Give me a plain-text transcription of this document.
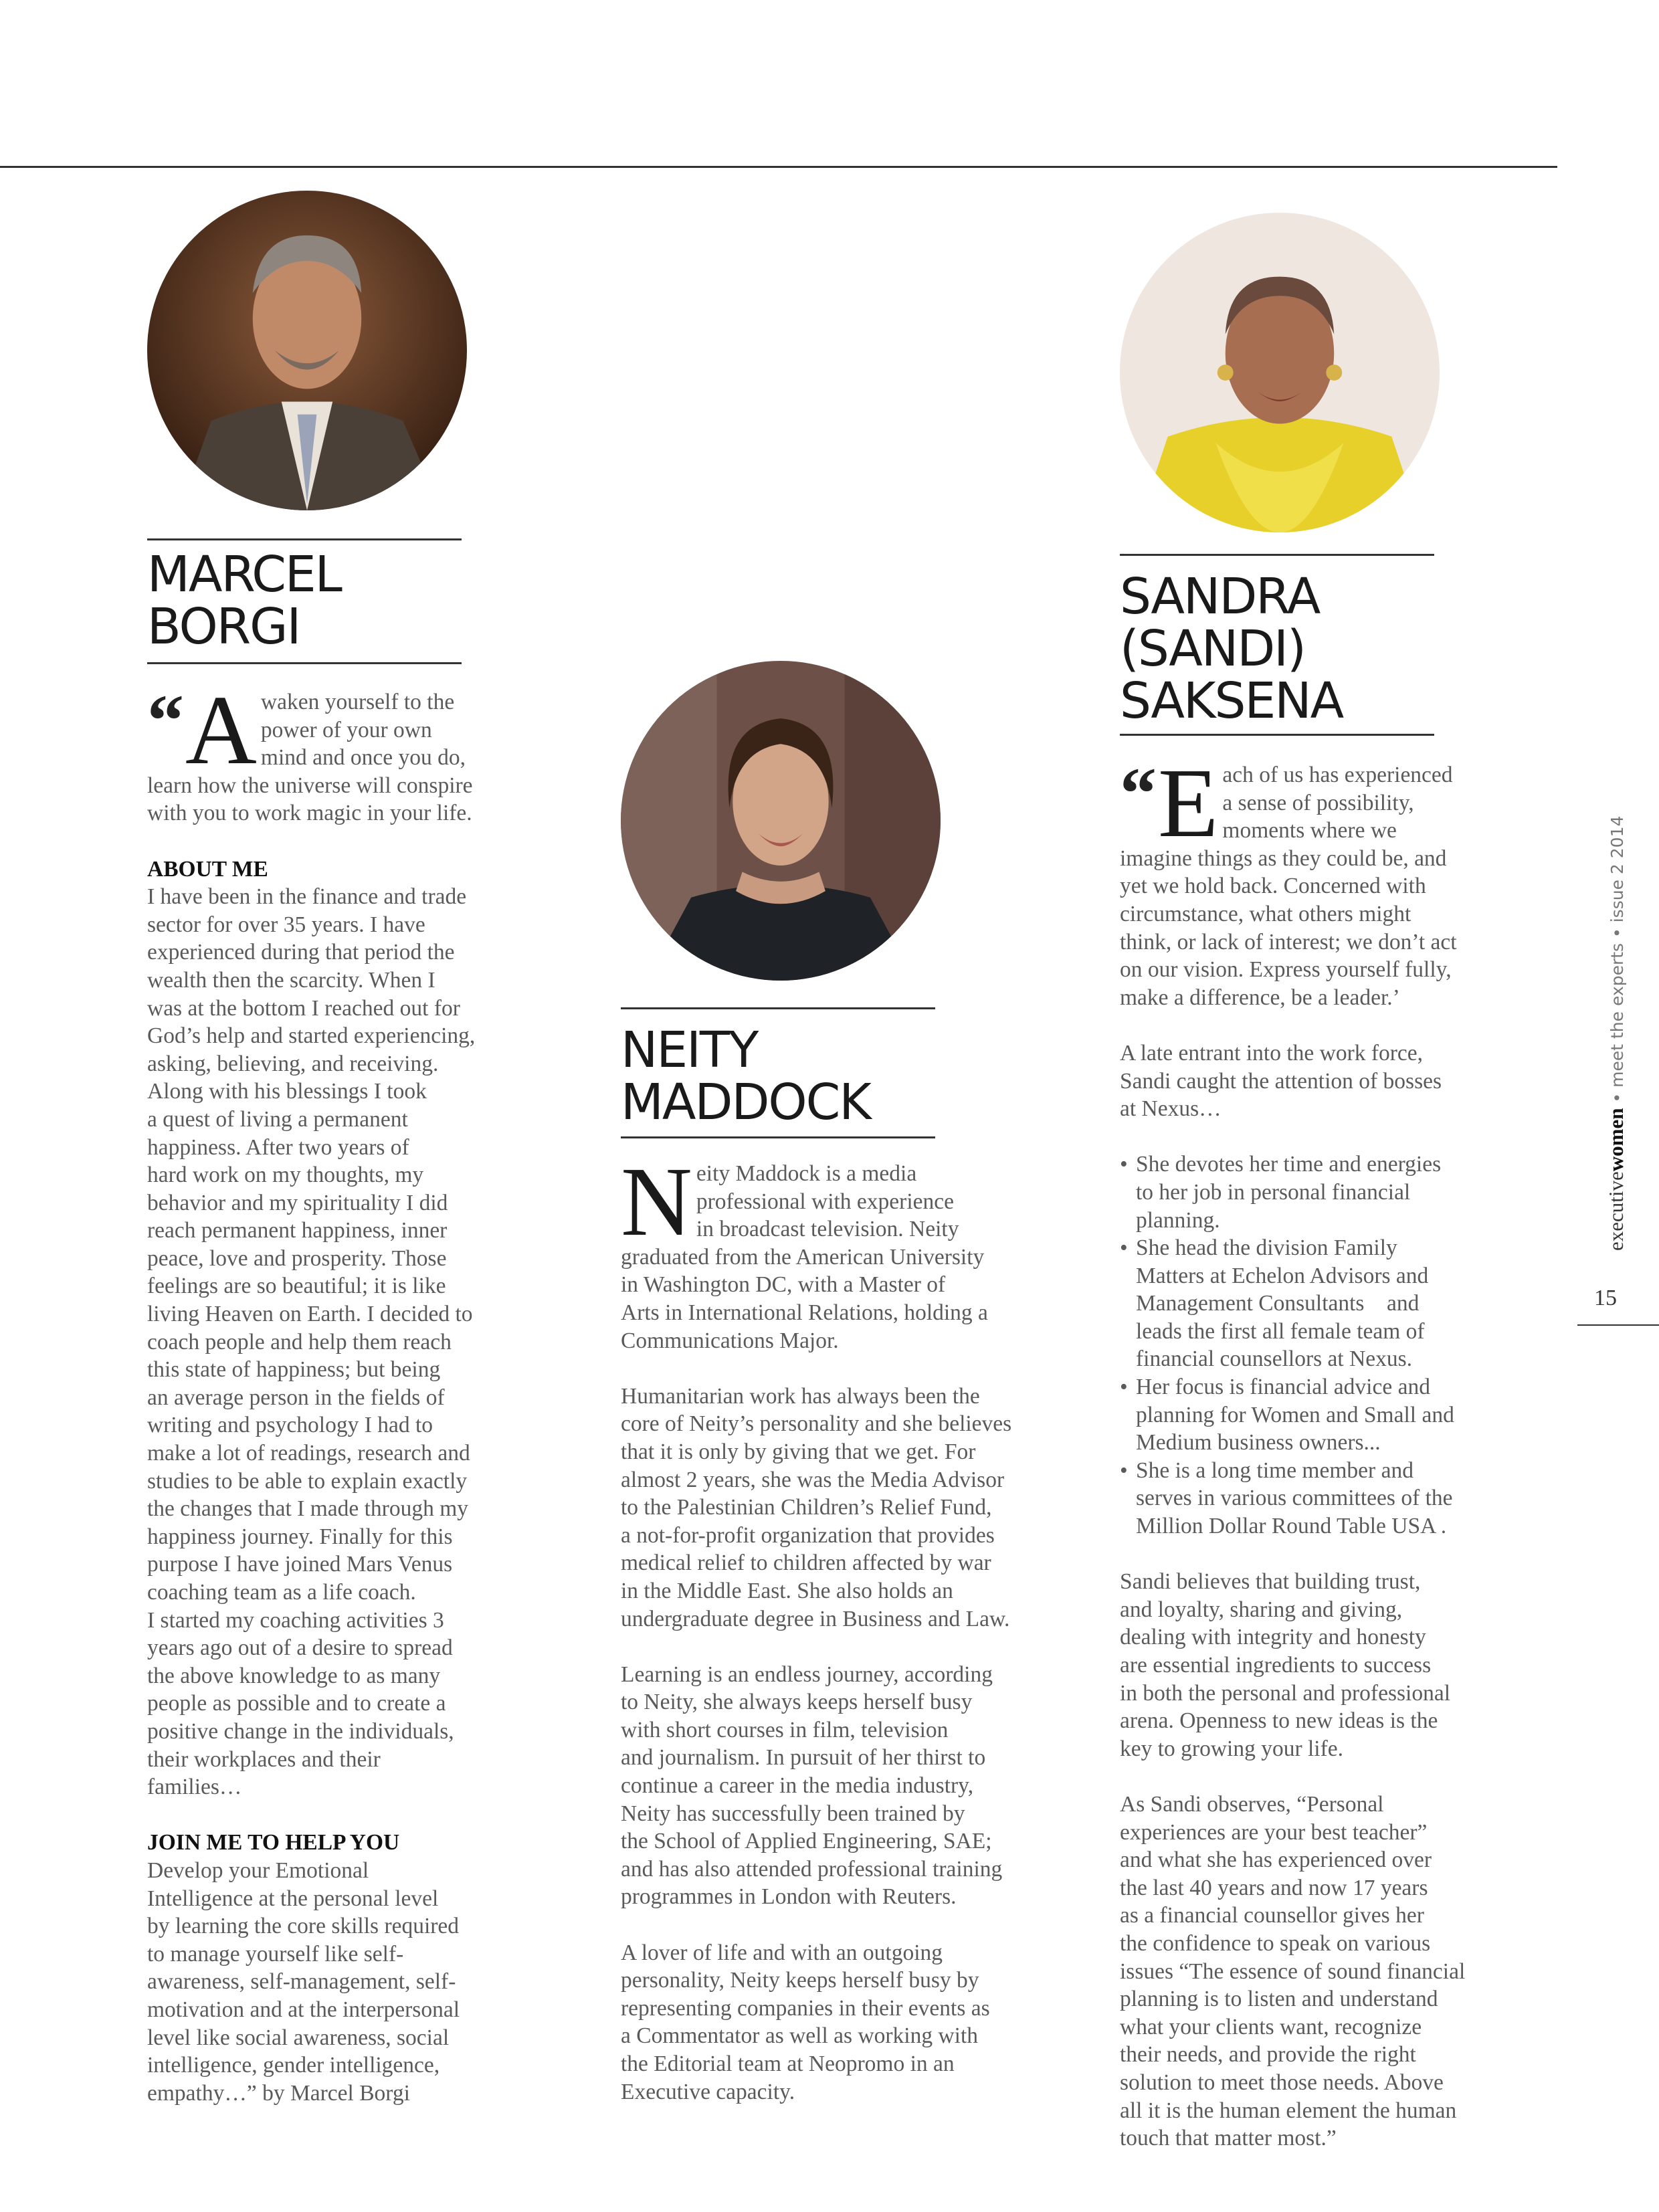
MARCEL
BORGI
“ A waken yourself to the

power of your own

mind and once you do,

learn how the universe will conspire

with you to work magic in your life.

ABOUT ME

I have been in the finance and trade

sector for over 35 years. I have

experienced during that period the

wealth then the scarcity. When I

was at the bottom I reached out for

God’s help and started experiencing,

asking, believing, and receiving.

Along with his blessings I took

a quest of living a permanent

happiness. After two years of

hard work on my thoughts, my

behavior and my spirituality I did

reach permanent happiness, inner

peace, love and prosperity. Those

feelings are so beautiful; it is like

living Heaven on Earth. I decided to

coach people and help them reach

this state of happiness; but being

an average person in the fields of

writing and psychology I had to

make a lot of readings, research and

studies to be able to explain exactly

the changes that I made through my

happiness journey. Finally for this

purpose I have joined Mars Venus

coaching team as a life coach.

I started my coaching activities 3

years ago out of a desire to spread

the above knowledge to as many

people as possible and to create a

positive change in the individuals,

their workplaces and their

families…

JOIN ME TO HELP YOU

Develop your Emotional

Intelligence at the personal level

by learning the core skills required

to manage yourself like self-

awareness, self-management, self-

motivation and at the interpersonal

level like social awareness, social

intelligence, gender intelligence,

empathy…” by Marcel Borgi

NEITY
MADDOCK
N eity Maddock is a media

professional with experience

in broadcast television. Neity

graduated from the American University

in Washington DC, with a Master of

Arts in International Relations, holding a

Communications Major.

Humanitarian work has always been the

core of Neity’s personality and she believes

that it is only by giving that we get. For

almost 2 years, she was the Media Advisor

to the Palestinian Children’s Relief Fund,

a not-for-profit organization that provides

medical relief to children affected by war

in the Middle East. She also holds an

undergraduate degree in Business and Law.

Learning is an endless journey, according

to Neity, she always keeps herself busy

with short courses in film, television

and journalism. In pursuit of her thirst to

continue a career in the media industry,

Neity has successfully been trained by

the School of Applied Engineering, SAE;

and has also attended professional training

programmes in London with Reuters.

A lover of life and with an outgoing

personality, Neity keeps herself busy by

representing companies in their events as

a Commentator as well as working with

the Editorial team at Neopromo in an

Executive capacity.

SANDRA (SANDI)
SAKSENA
“ E ach of us has experienced

a sense of possibility,

moments where we

imagine things as they could be, and

yet we hold back. Concerned with

circumstance, what others might

think, or lack of interest; we don’t act

on our vision. Express yourself fully,

make a difference, be a leader.’

A late entrant into the work force,

Sandi caught the attention of bosses

at Nexus…

• She devotes her time and energies

to her job in personal financial

planning.

• She head the division Family

Matters at Echelon Advisors and

Management Consultants    and

leads the first all female team of

financial counsellors at Nexus.

• Her focus is financial advice and

planning for Women and Small and

Medium business owners...

• She is a long time member and

serves in various committees of the

Million Dollar Round Table USA .

Sandi believes that building trust,

and loyalty, sharing and giving,

dealing with integrity and honesty

are essential ingredients to success

in both the personal and professional

arena. Openness to new ideas is the

key to growing your life.

As Sandi observes, “Personal

experiences are your best teacher”

and what she has experienced over

the last 40 years and now 17 years

as a financial counsellor gives her

the confidence to speak on various

issues “The essence of sound financial

planning is to listen and understand

what your clients want, recognize

their needs, and provide the right

solution to meet those needs. Above

all it is the human element the human

touch that matter most.”

executivewomen • meet the experts • issue 2 2014
15
